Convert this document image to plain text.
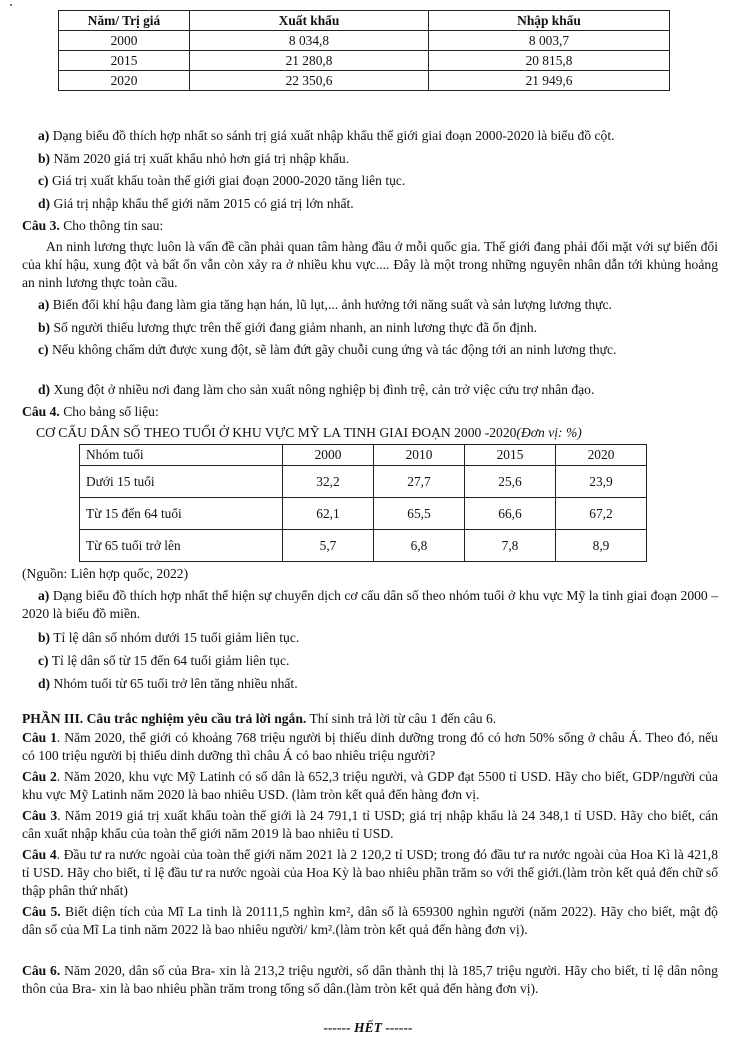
Năm/ Trị giá	Xuất khẩu	Nhập khẩu
2000	8 034,8	8 003,7
2015	21 280,8	20 815,8
2020	22 350,6	21 949,6
a) Dạng biểu đồ thích hợp nhất so sánh trị giá xuất nhập khẩu thế giới giai đoạn 2000-2020 là biểu đồ cột.
b) Năm 2020 giá trị xuất khẩu nhỏ hơn giá trị nhập khẩu.
c) Giá trị xuất khẩu toàn thế giới giai đoạn 2000-2020 tăng liên tục.
d) Giá trị nhập khẩu thế giới năm 2015 có giá trị lớn nhất.
Câu 3. Cho thông tin sau:
An ninh lương thực luôn là vấn đề cần phải quan tâm hàng đầu ở mỗi quốc gia. Thế giới đang phải đối mặt với sự biến đổi của khí hậu, xung đột và bất ổn vẫn còn xảy ra ở nhiều khu vực.... Đây là một trong những nguyên nhân dẫn tới khủng hoảng an ninh lương thực toàn cầu.
a) Biến đổi khí hậu đang làm gia tăng hạn hán, lũ lụt,... ảnh hưởng tới năng suất và sản lượng lương thực.
b) Số người thiếu lương thực trên thế giới đang giảm nhanh, an ninh lương thực đã ổn định.
c) Nếu không chấm dứt được xung đột, sẽ làm đứt gãy chuỗi cung ứng và tác động tới an ninh lương thực.
d) Xung đột ở nhiều nơi đang làm cho sản xuất nông nghiệp bị đình trệ, cản trở việc cứu trợ nhân đạo.
Câu 4. Cho bảng số liệu:
CƠ CẤU DÂN SỐ THEO TUỔI Ở KHU VỰC MỸ LA TINH GIAI ĐOẠN 2000 -2020(Đơn vị: %)
Nhóm tuổi	2000	2010	2015	2020
Dưới 15 tuổi	32,2	27,7	25,6	23,9
Từ 15 đến 64 tuổi	62,1	65,5	66,6	67,2
Từ 65 tuổi trở lên	5,7	6,8	7,8	8,9
(Nguồn: Liên hợp quốc, 2022)
a) Dạng biểu đồ thích hợp nhất thể hiện sự chuyển dịch cơ cấu dân số theo nhóm tuổi ở khu vực Mỹ la tinh giai đoạn 2000 – 2020 là biểu đồ miền.
b) Tỉ lệ dân số nhóm dưới 15 tuổi giảm liên tục.
c) Tỉ lệ dân số từ 15 đến 64 tuổi giảm liên tục.
d) Nhóm tuổi từ 65 tuổi trở lên tăng nhiều nhất.
PHẦN III. Câu trắc nghiệm yêu cầu trả lời ngắn. Thí sinh trả lời từ câu 1 đến câu 6.
Câu 1. Năm 2020, thế giới có khoảng 768 triệu người bị thiếu dinh dưỡng trong đó có hơn 50% sống ở châu Á. Theo đó, nếu có 100 triệu người bị thiếu dinh dưỡng thì châu Á có bao nhiêu triệu người?
Câu 2. Năm 2020, khu vực Mỹ Latinh có số dân là 652,3 triệu người, và GDP đạt 5500 tỉ USD. Hãy cho biết, GDP/người của khu vực Mỹ Latinh năm 2020 là bao nhiêu USD. (làm tròn kết quả đến hàng đơn vị.
Câu 3. Năm 2019 giá trị xuất khẩu toàn thế giới là 24 791,1 tỉ USD; giá trị nhập khẩu là 24 348,1 tỉ USD. Hãy cho biết, cán cân xuất nhập khẩu của toàn thế giới năm 2019 là bao nhiêu tỉ USD.
Câu 4. Đầu tư ra nước ngoài của toàn thế giới năm 2021 là 2 120,2 tỉ USD; trong đó đầu tư ra nước ngoài của Hoa Kì là 421,8 tỉ USD. Hãy cho biết, tỉ lệ đầu tư ra nước ngoài của Hoa Kỳ là bao nhiêu phần trăm so với thế giới.(làm tròn kết quả đến chữ số thập phân thứ nhất)
Câu 5. Biết diện tích của Mĩ La tinh là 20111,5 nghìn km², dân số là 659300 nghìn người (năm 2022). Hãy cho biết, mật độ dân số của Mĩ La tinh năm 2022 là bao nhiêu người/ km².(làm tròn kết quả đến hàng đơn vị).
Câu 6. Năm 2020, dân số của Bra- xin là 213,2 triệu người, số dân thành thị là 185,7 triệu người. Hãy cho biết, tỉ lệ dân nông thôn của Bra- xin là bao nhiêu phần trăm trong tổng số dân.(làm tròn kết quả đến hàng đơn vị).
------ HẾT ------
